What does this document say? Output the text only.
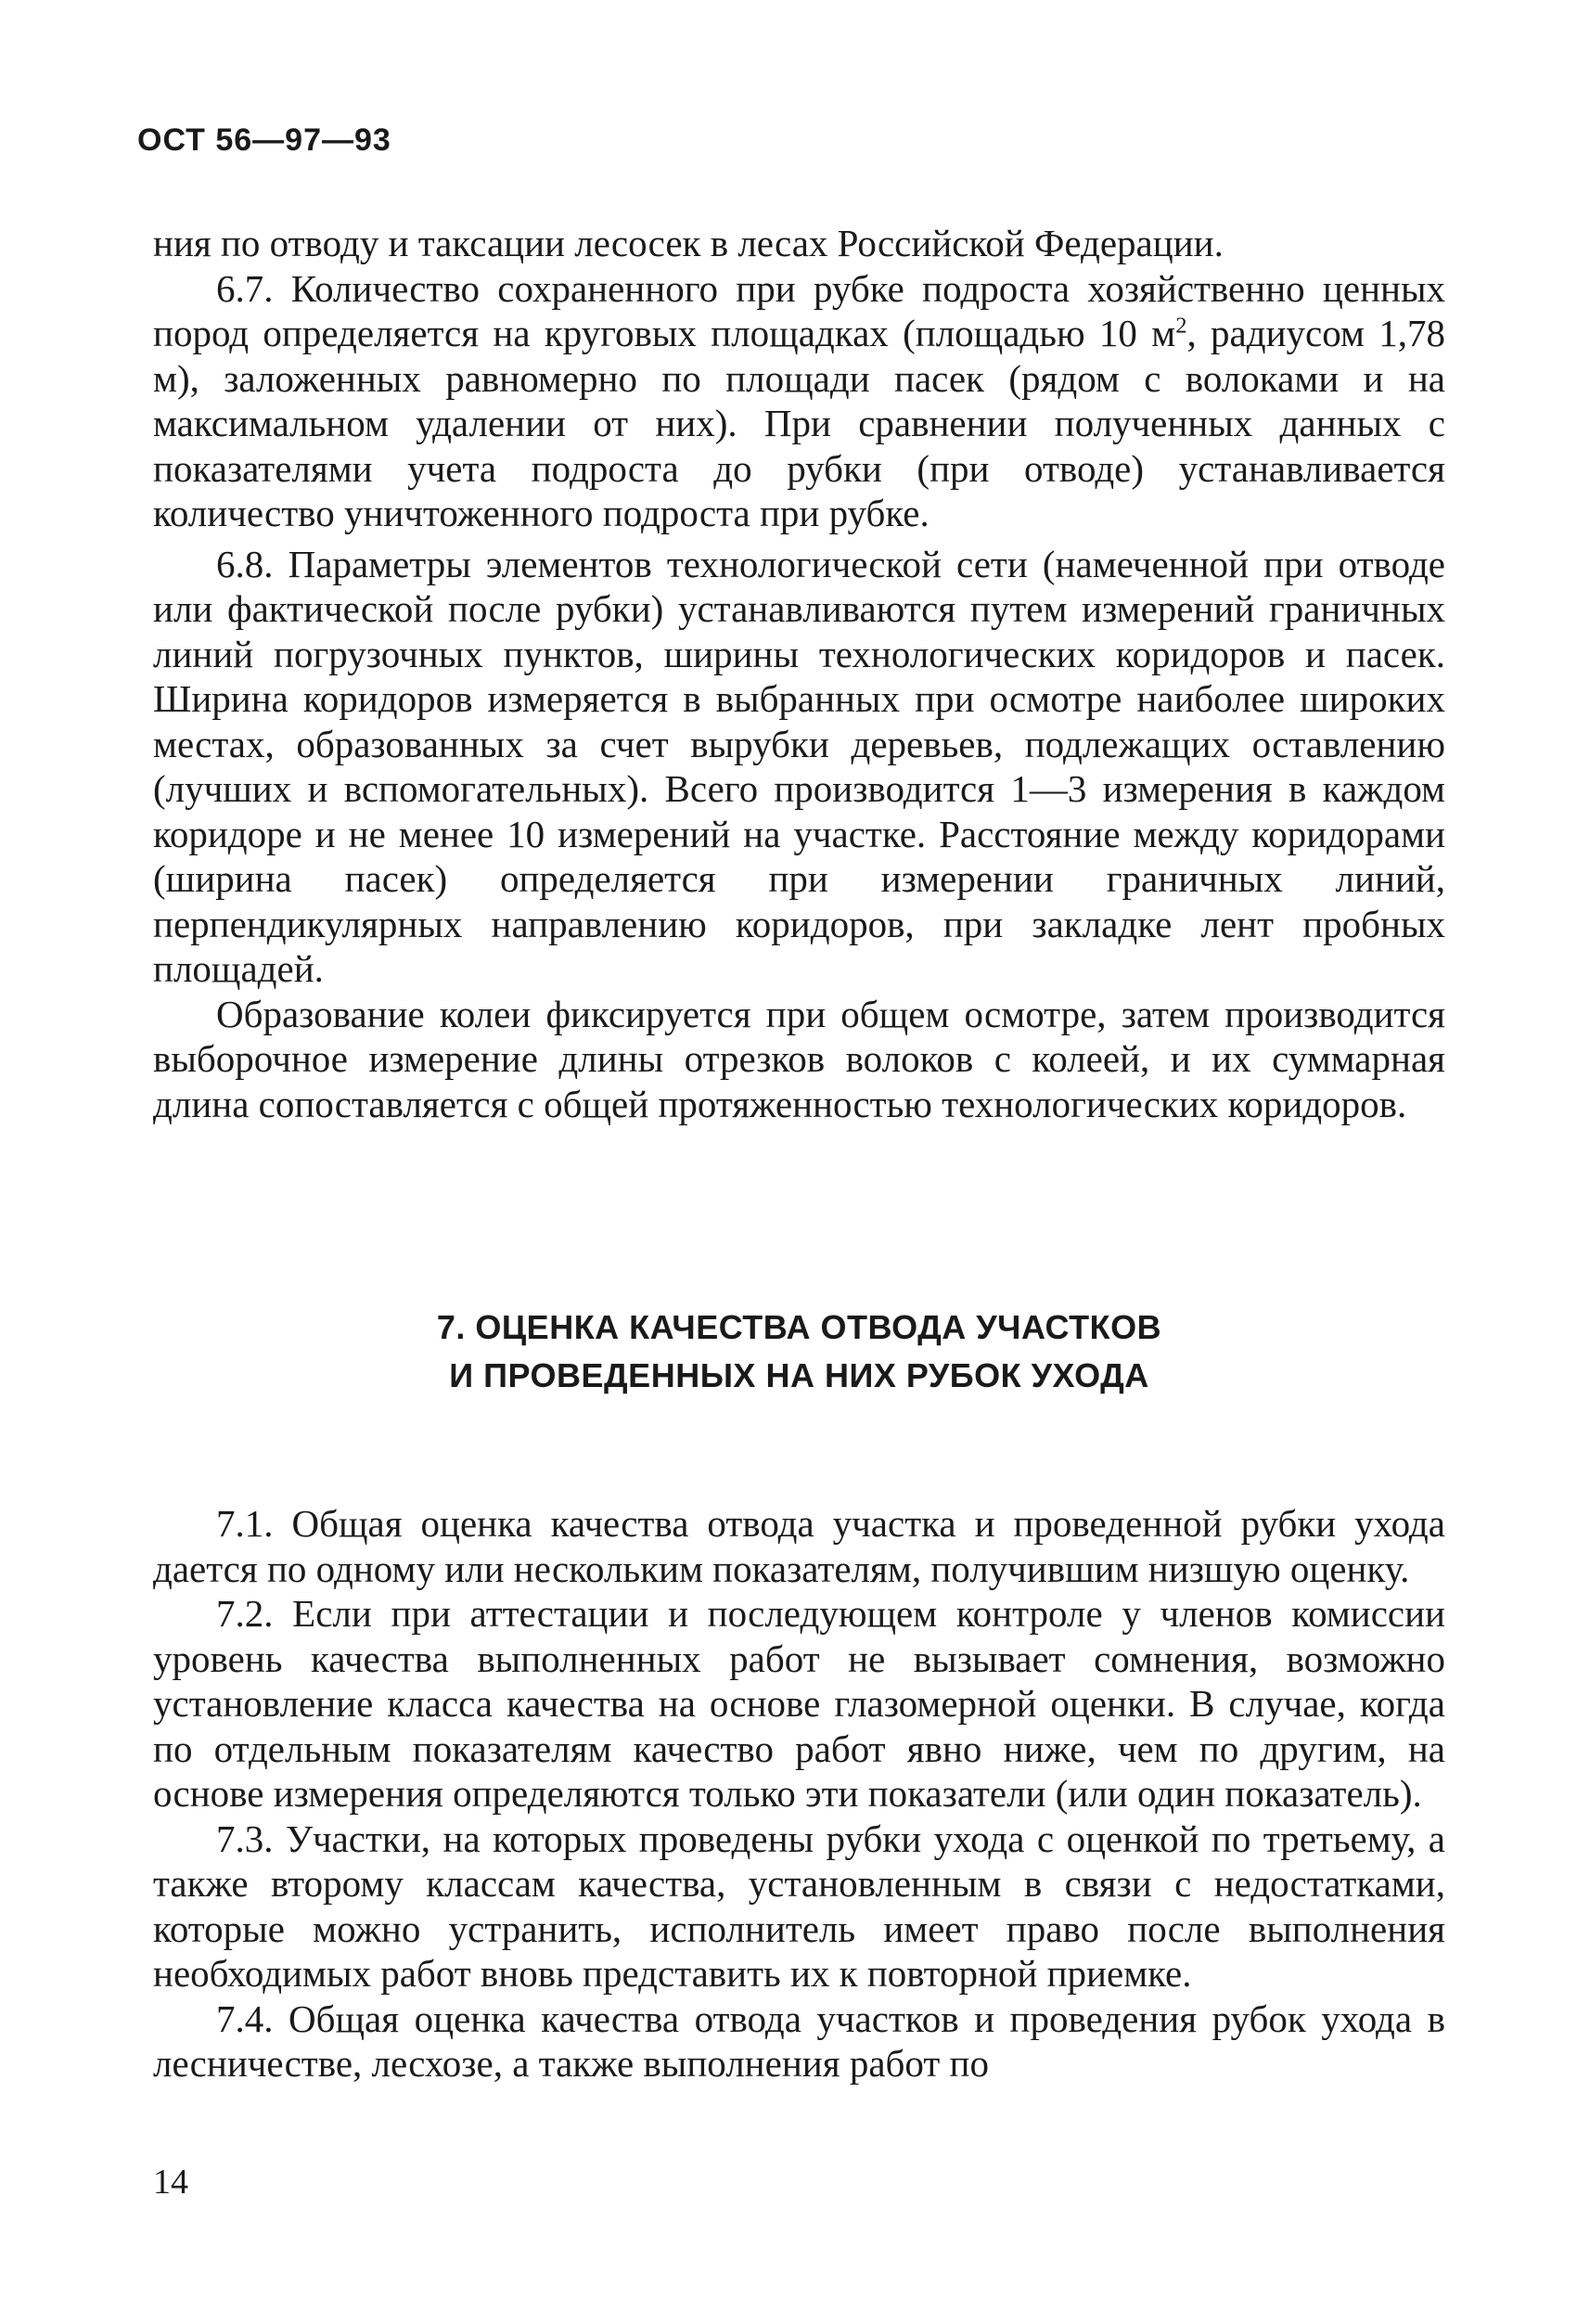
ОСТ 56—97—93

ния по отводу и таксации лесосек в лесах Российской Федерации.

6.7. Количество сохраненного при рубке подроста хозяйственно ценных пород определяется на круговых площадках (площадью 10 $м^2$, радиусом 1,78 м), заложенных равномерно по площади пасек (рядом с волоками и на максимальном удалении от них). При сравнении полученных данных с показателями учета подроста до рубки (при отводе) устанавливается количество уничтоженного подроста при рубке.

6.8. Параметры элементов технологической сети (намеченной при отводе или фактической после рубки) устанавливаются путем измерений граничных линий погрузочных пунктов, ширины технологических коридоров и пасек. Ширина коридоров измеряется в выбранных при осмотре наиболее широких местах, образованных за счет вырубки деревьев, подлежащих оставлению (лучших и вспомогательных). Всего производится 1—3 измерения в каждом коридоре и не менее 10 измерений на участке. Расстояние между коридорами (ширина пасек) определяется при измерении граничных линий, перпендикулярных направлению коридоров, при закладке лент пробных площадей.

Образование колеи фиксируется при общем осмотре, затем производится выборочное измерение длины отрезков волоков с колеей, и их суммарная длина сопоставляется с общей протяженностью технологических коридоров.

7. ОЦЕНКА КАЧЕСТВА ОТВОДА УЧАСТКОВ
И ПРОВЕДЕННЫХ НА НИХ РУБОК УХОДА

7.1. Общая оценка качества отвода участка и проведенной рубки ухода дается по одному или нескольким показателям, получившим низшую оценку.

7.2. Если при аттестации и последующем контроле у членов комиссии уровень качества выполненных работ не вызывает сомнения, возможно установление класса качества на основе глазомерной оценки. В случае, когда по отдельным показателям качество работ явно ниже, чем по другим, на основе измерения определяются только эти показатели (или один показатель).

7.3. Участки, на которых проведены рубки ухода с оценкой по третьему, а также второму классам качества, установленным в связи с недостатками, которые можно устранить, исполнитель имеет право после выполнения необходимых работ вновь представить их к повторной приемке.

7.4. Общая оценка качества отвода участков и проведения рубок ухода в лесничестве, лесхозе, а также выполнения работ по

14
